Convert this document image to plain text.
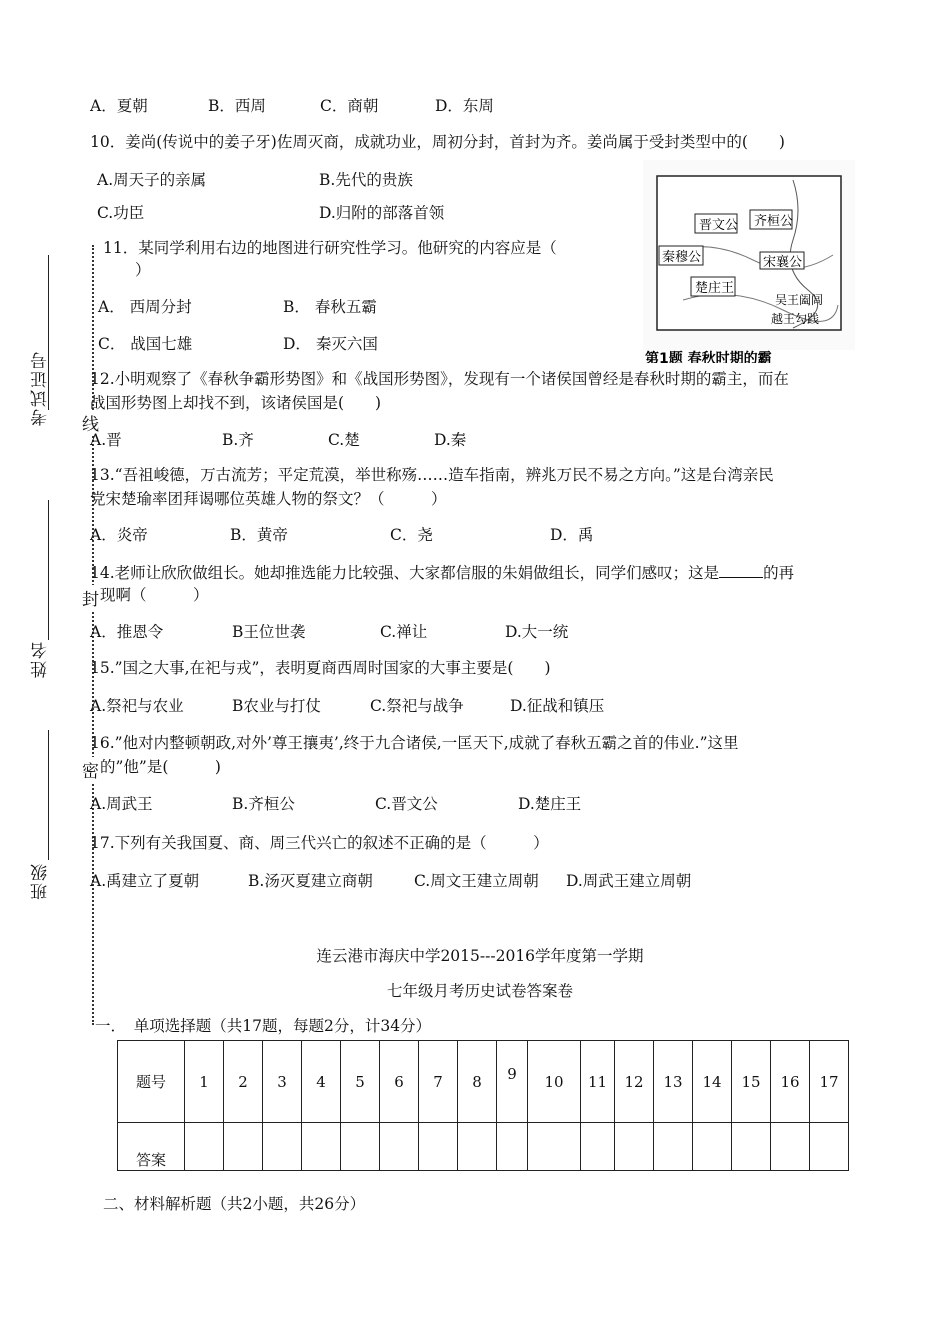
考试证号
姓名
班级
线
封
密
A．夏朝	B．西周	C．商朝	D．东周
10．姜尚(传说中的姜子牙)佐周灭商，成就功业，周初分封，首封为齐。姜尚属于受封类型中的(　　)
A.周天子的亲属	B.先代的贵族
C.功臣	D.归附的部落首领
11．某同学利用右边的地图进行研究性学习。他研究的内容应是（
）
A． 西周分封	B． 春秋五霸
C． 战国七雄	D． 秦灭六国
晋文公 齐桓公
秦穆公	宋襄公
楚庄王
吴王阖闾
越王勾践
第1题 春秋时期的霸
12.小明观察了《春秋争霸形势图》和《战国形势图》，发现有一个诸侯国曾经是春秋时期的霸主，而在
战国形势图上却找不到，该诸侯国是(　　)
A.晋	B.齐	C.楚	D.秦
13.“吾祖峻德，万古流芳；平定荒漠，举世称殇……造车指南，辨兆万民不易之方向。”这是台湾亲民
党宋楚瑜率团拜谒哪位英雄人物的祭文？（　　　）
A．炎帝	B．黄帝	C．尧	D．禹
14.老师让欣欣做组长。她却推选能力比较强、大家都信服的朱娟做组长，同学们感叹；这是	的再
现啊（　　　）
A．推恩令	B王位世袭	C.禅让	D.大一统
15.”国之大事,在祀与戎”，表明夏商西周时国家的大事主要是(　　)
A.祭祀与农业	B农业与打仗	C.祭祀与战争	D.征战和镇压
16.”他对内整顿朝政,对外’尊王攘夷’,终于九合诸侯,一匡天下,成就了春秋五霸之首的伟业.”这里
的”他”是(　　　)
A.周武王	B.齐桓公	C.晋文公	D.楚庄王
17.下列有关我国夏、商、周三代兴亡的叙述不正确的是（　　　）
A.禹建立了夏朝	B.汤灭夏建立商朝	C.周文王建立周朝 D.周武王建立周朝
连云港市海庆中学2015---2016学年度第一学期
七年级月考历史试卷答案卷
一．　单项选择题（共17题，每题2分，计34分）
题号	1	2	3	4	5	6	7	8	9	10	11	12	13	14	15	16	17
答案																	
二、材料解析题（共2小题，共26分）
